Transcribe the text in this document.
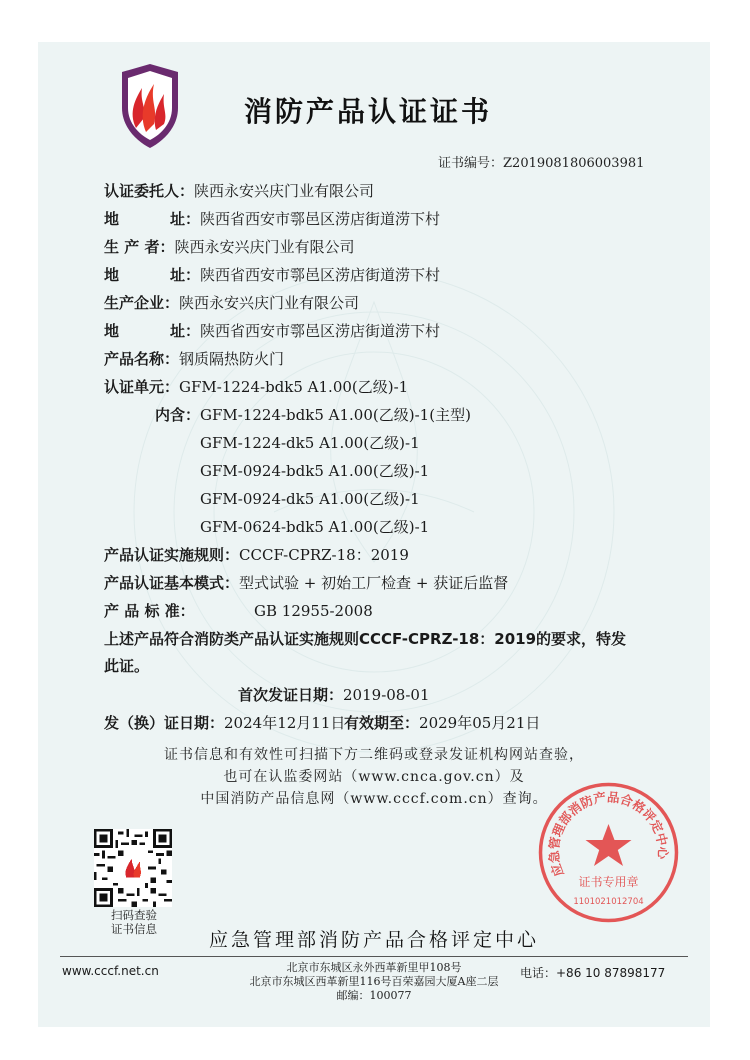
消防产品认证证书
证书编号：Z2019081806003981
认证委托人：陕西永安兴庆门业有限公司
地	址：陕西省西安市鄠邑区涝店街道涝下村
生 产 者：陕西永安兴庆门业有限公司
地	址：陕西省西安市鄠邑区涝店街道涝下村
生产企业：陕西永安兴庆门业有限公司
地	址：陕西省西安市鄠邑区涝店街道涝下村
产品名称：钢质隔热防火门
认证单元：GFM-1224-bdk5 A1.00(乙级)-1
内含：GFM-1224-bdk5 A1.00(乙级)-1(主型)
GFM-1224-dk5 A1.00(乙级)-1
GFM-0924-bdk5 A1.00(乙级)-1
GFM-0924-dk5 A1.00(乙级)-1
GFM-0624-bdk5 A1.00(乙级)-1
产品认证实施规则：CCCF-CPRZ-18：2019
产品认证基本模式：型式试验 + 初始工厂检查 + 获证后监督
产 品 标 准：	GB 12955-2008
上述产品符合消防类产品认证实施规则CCCF-CPRZ-18：2019的要求，特发
此证。
首次发证日期：2019-08-01
发（换）证日期：2024年12月11日有效期至：2029年05月21日
证书信息和有效性可扫描下方二维码或登录发证机构网站查验，
也可在认监委网站（www.cnca.gov.cn）及
中国消防产品信息网（www.cccf.com.cn）查询。
扫码查验
证书信息
应急管理部消防产品合格评定中心
证书专用章
1101021012704
应急管理部消防产品合格评定中心
www.cccf.net.cn	北京市东城区永外西革新里甲108号
北京市东城区西革新里116号百荣嘉园大厦A座二层
邮编：100077
电话：+86 10 87898177
